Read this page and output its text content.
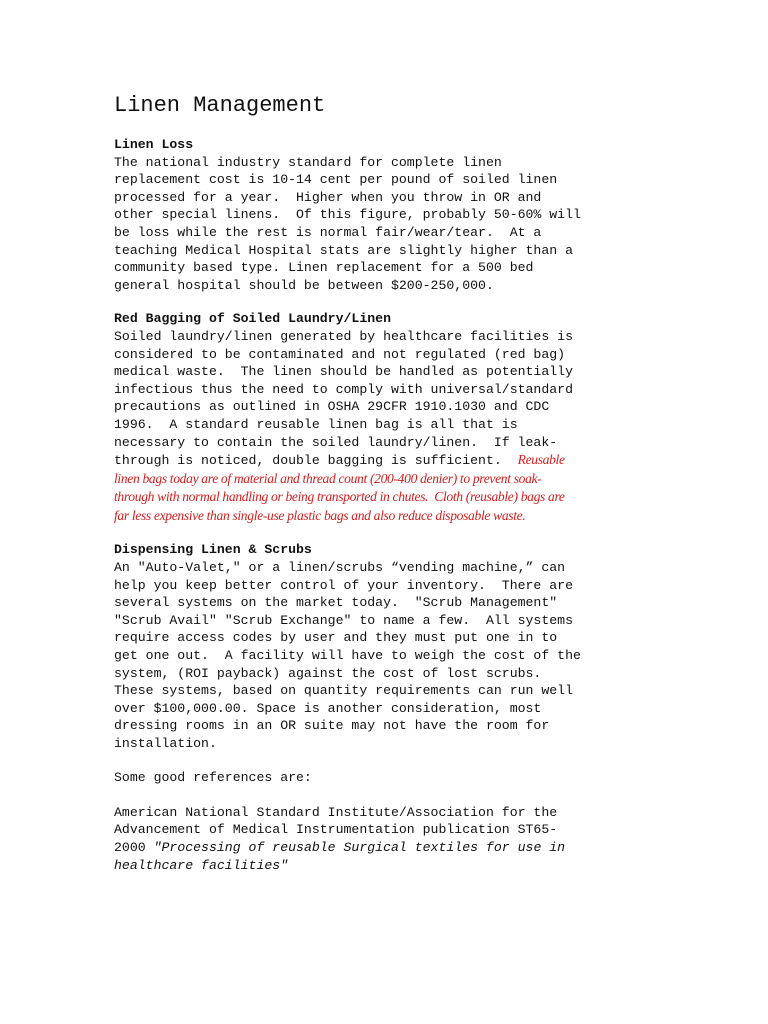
Linen Management

Linen Loss

The national industry standard for complete linen
replacement cost is 10-14 cent per pound of soiled linen
processed for a year.  Higher when you throw in OR and
other special linens.  Of this figure, probably 50-60% will
be loss while the rest is normal fair/wear/tear.  At a
teaching Medical Hospital stats are slightly higher than a
community based type. Linen replacement for a 500 bed
general hospital should be between $200-250,000.

Red Bagging of Soiled Laundry/Linen

Soiled laundry/linen generated by healthcare facilities is
considered to be contaminated and not regulated (red bag)
medical waste.  The linen should be handled as potentially
infectious thus the need to comply with universal/standard
precautions as outlined in OSHA 29CFR 1910.1030 and CDC
1996.  A standard reusable linen bag is all that is
necessary to contain the soiled laundry/linen.  If leak-
through is noticed, double bagging is sufficient.  Reusable
linen bags today are of material and thread count (200-400 denier) to prevent soak-
through with normal handling or being transported in chutes.  Cloth (reusable) bags are
far less expensive than single-use plastic bags and also reduce disposable waste.

Dispensing Linen & Scrubs

An "Auto-Valet," or a linen/scrubs “vending machine,” can
help you keep better control of your inventory.  There are
several systems on the market today.  "Scrub Management"
"Scrub Avail" "Scrub Exchange" to name a few.  All systems
require access codes by user and they must put one in to
get one out.  A facility will have to weigh the cost of the
system, (ROI payback) against the cost of lost scrubs.
These systems, based on quantity requirements can run well
over $100,000.00. Space is another consideration, most
dressing rooms in an OR suite may not have the room for
installation.

Some good references are:

American National Standard Institute/Association for the
Advancement of Medical Instrumentation publication ST65-
2000 "Processing of reusable Surgical textiles for use in
healthcare facilities"
